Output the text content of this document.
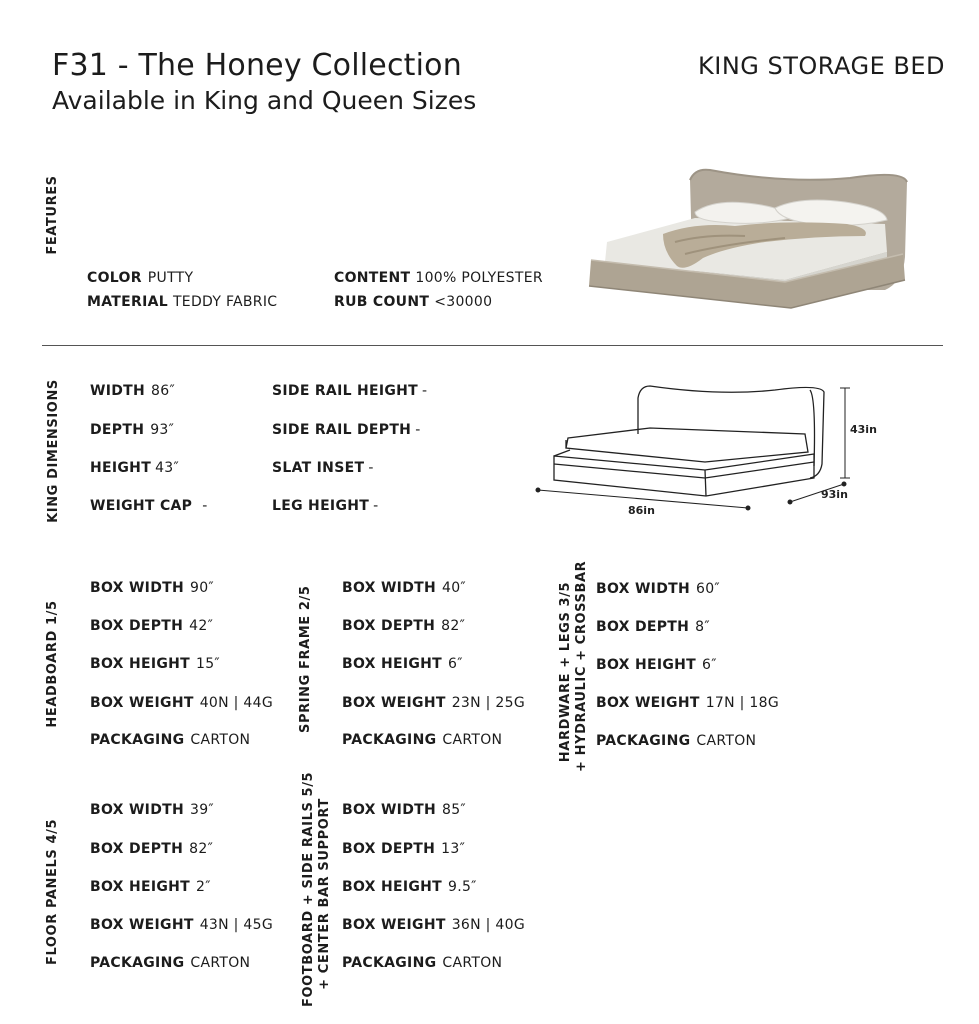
F31 - The Honey Collection
Available in King and Queen Sizes
KING STORAGE BED
FEATURES
COLOR PUTTY
MATERIAL TEDDY FABRIC
CONTENT 100% POLYESTER
RUB COUNT <30000
KING DIMENSIONS WIDTH 86″
DEPTH 93″
HEIGHT 43″
WEIGHT CAP -
SIDE RAIL HEIGHT -
SIDE RAIL DEPTH -
SLAT INSET -
LEG HEIGHT -
43in
86in
93in
HEADBOARD 1/5
BOX WIDTH 90″
BOX DEPTH 42″
BOX HEIGHT 15″
BOX WEIGHT 40N | 44G
PACKAGING CARTON
SPRING FRAME 2/5 BOX WIDTH 40″
BOX DEPTH 82″
BOX HEIGHT 6″
BOX WEIGHT 23N | 25G
PACKAGING CARTON	HARDWARE + LEGS 3/5 + HYDRAULIC + CROSSBAR BOX WIDTH 60″
BOX DEPTH 8″
BOX HEIGHT 6″
BOX WEIGHT 17N | 18G
PACKAGING CARTON
FLOOR PANELS 4/5
BOX WIDTH 39″
BOX DEPTH 82″
BOX HEIGHT 2″
BOX WEIGHT 43N | 45G
PACKAGING CARTON	FOOTBOARD + SIDE RAILS 5/5 + CENTER BAR SUPPORT BOX WIDTH 85″
BOX DEPTH 13″
BOX HEIGHT 9.5″
BOX WEIGHT 36N | 40G
PACKAGING CARTON
